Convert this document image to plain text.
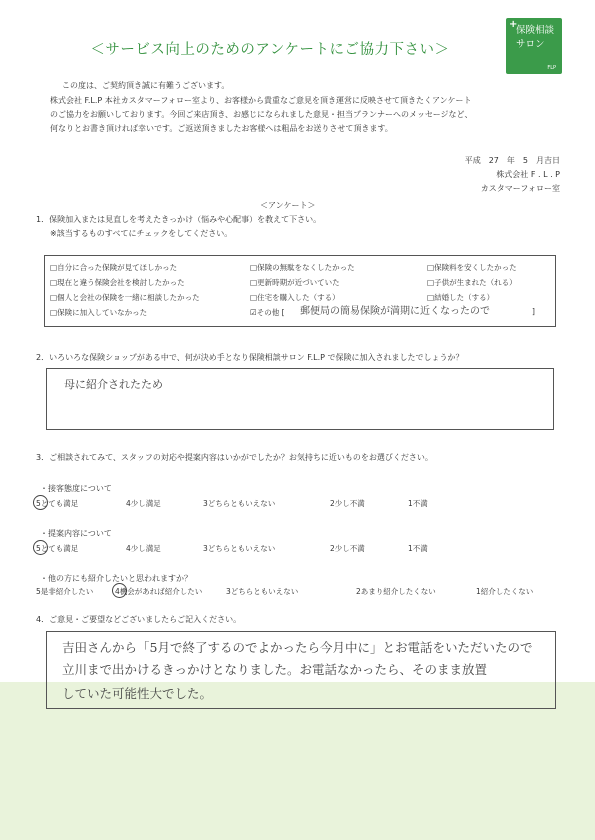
＜サービス向上のためのアンケートにご協力下さい＞
+
保険相談
サロン
FLP
この度は、ご契約頂き誠に有難うございます。
株式会社 F.L.P 本社カスタマーフォロー室より、お客様から貴重なご意見を頂き運営に反映させて頂きたくアンケート
のご協力をお願いしております。今回ご来店頂き、お感じになられました意見・担当プランナーへのメッセージなど、
何なりとお書き頂ければ幸いです。ご返送頂きましたお客様へは粗品をお送りさせて頂きます。
平成　27　年　5　月吉日
株式会社 F . L . P
カスタマーフォロー室
＜アンケート＞
1．保険加入または見直しを考えたきっかけ（悩みや心配事）を教えて下さい。
※該当するものすべてにチェックをしてください。
□自分に合った保険が見てほしかった	□保険の無駄をなくしたかった	□保険料を安くしたかった
□現在と違う保険会社を検討したかった	□更新時期が近づいていた	□子供が生まれた（れる）
□個人と会社の保険を一緒に相談したかった	□住宅を購入した（する）	□結婚した（する）
□保険に加入していなかった	☑その他 [ 郵便局の簡易保険が満期に近くなったので	]
2．いろいろな保険ショップがある中で、何が決め手となり保険相談サロン F.L.P で保険に加入されましたでしょうか？
母に紹介されたため
3．ご相談されてみて、スタッフの対応や提案内容はいかがでしたか？お気持ちに近いものをお選びください。
・接客態度について
5とても満足	4少し満足	3どちらともいえない	2少し不満	1不満
・提案内容について
5とても満足	4少し満足	3どちらともいえない	2少し不満	1不満
・他の方にも紹介したいと思われますか？
5是非紹介したい	4機会があれば紹介したい	3どちらともいえない	2あまり紹介したくない	1紹介したくない
4．ご意見・ご要望などございましたらご記入ください。
吉田さんから「5月で終了するのでよかったら今月中に」とお電話をいただいたので
立川まで出かけるきっかけとなりました。お電話なかったら、そのまま放置
していた可能性大でした。
